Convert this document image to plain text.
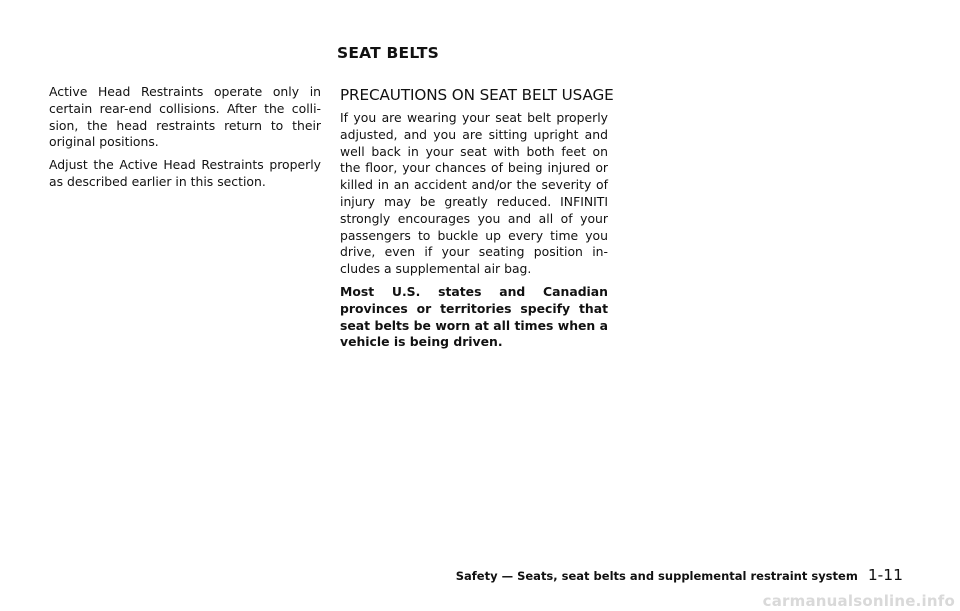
SEAT BELTS

Active Head Restraints operate only in certain rear-end collisions. After the colli-sion, the head restraints return to their original positions.

Adjust the Active Head Restraints properly as described earlier in this section.

PRECAUTIONS ON SEAT BELT USAGE

If you are wearing your seat belt properly adjusted, and you are sitting upright and well back in your seat with both feet on the floor, your chances of being injured or killed in an accident and/or the severity of injury may be greatly reduced. INFINITI strongly encourages you and all of your passengers to buckle up every time you drive, even if your seating position in-cludes a supplemental air bag.

Most U.S. states and Canadian provinces or territories specify that seat belts be worn at all times when a vehicle is being driven.

Safety — Seats, seat belts and supplemental restraint system 1-11
carmanualsonline.info
